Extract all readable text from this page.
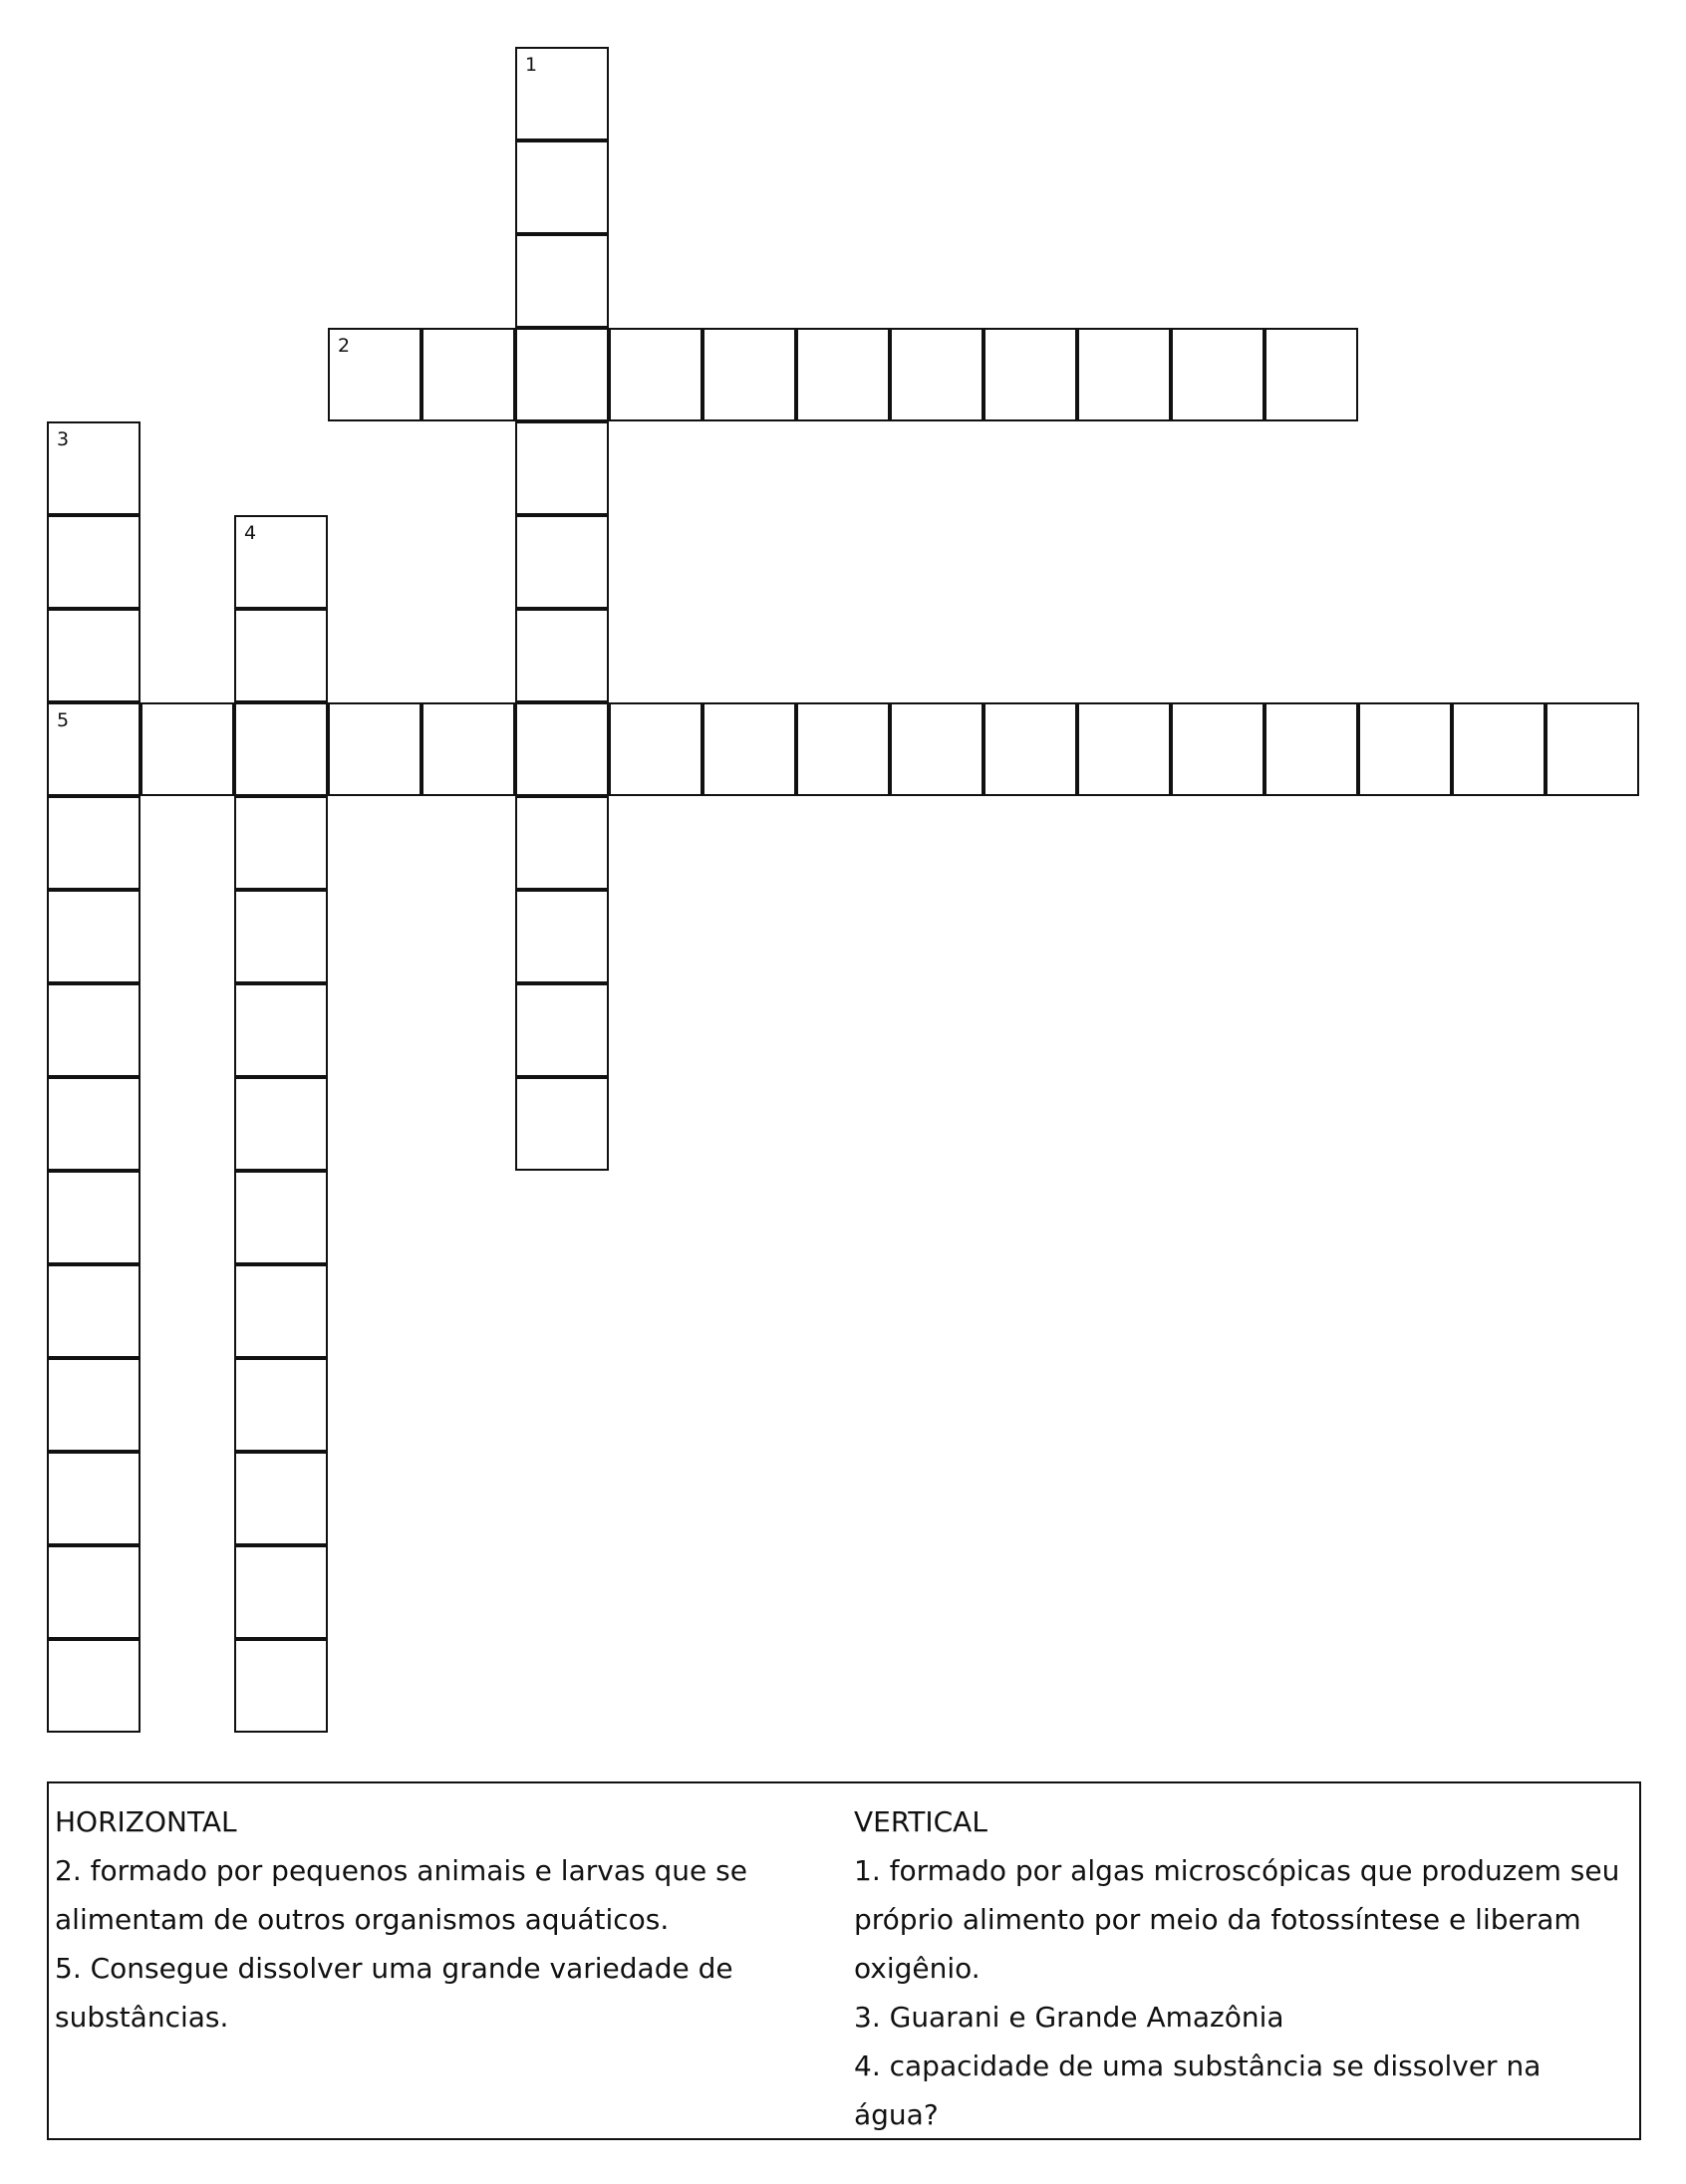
1
2
3
5
4
HORIZONTAL
2. formado por pequenos animais e larvas que se alimentam de outros organismos aquáticos.
5. Consegue dissolver uma grande variedade de substâncias.
VERTICAL
1. formado por algas microscópicas que produzem seu próprio alimento por meio da fotossíntese e liberam oxigênio.
3. Guarani e Grande Amazônia
4. capacidade de uma substância se dissolver na água?
